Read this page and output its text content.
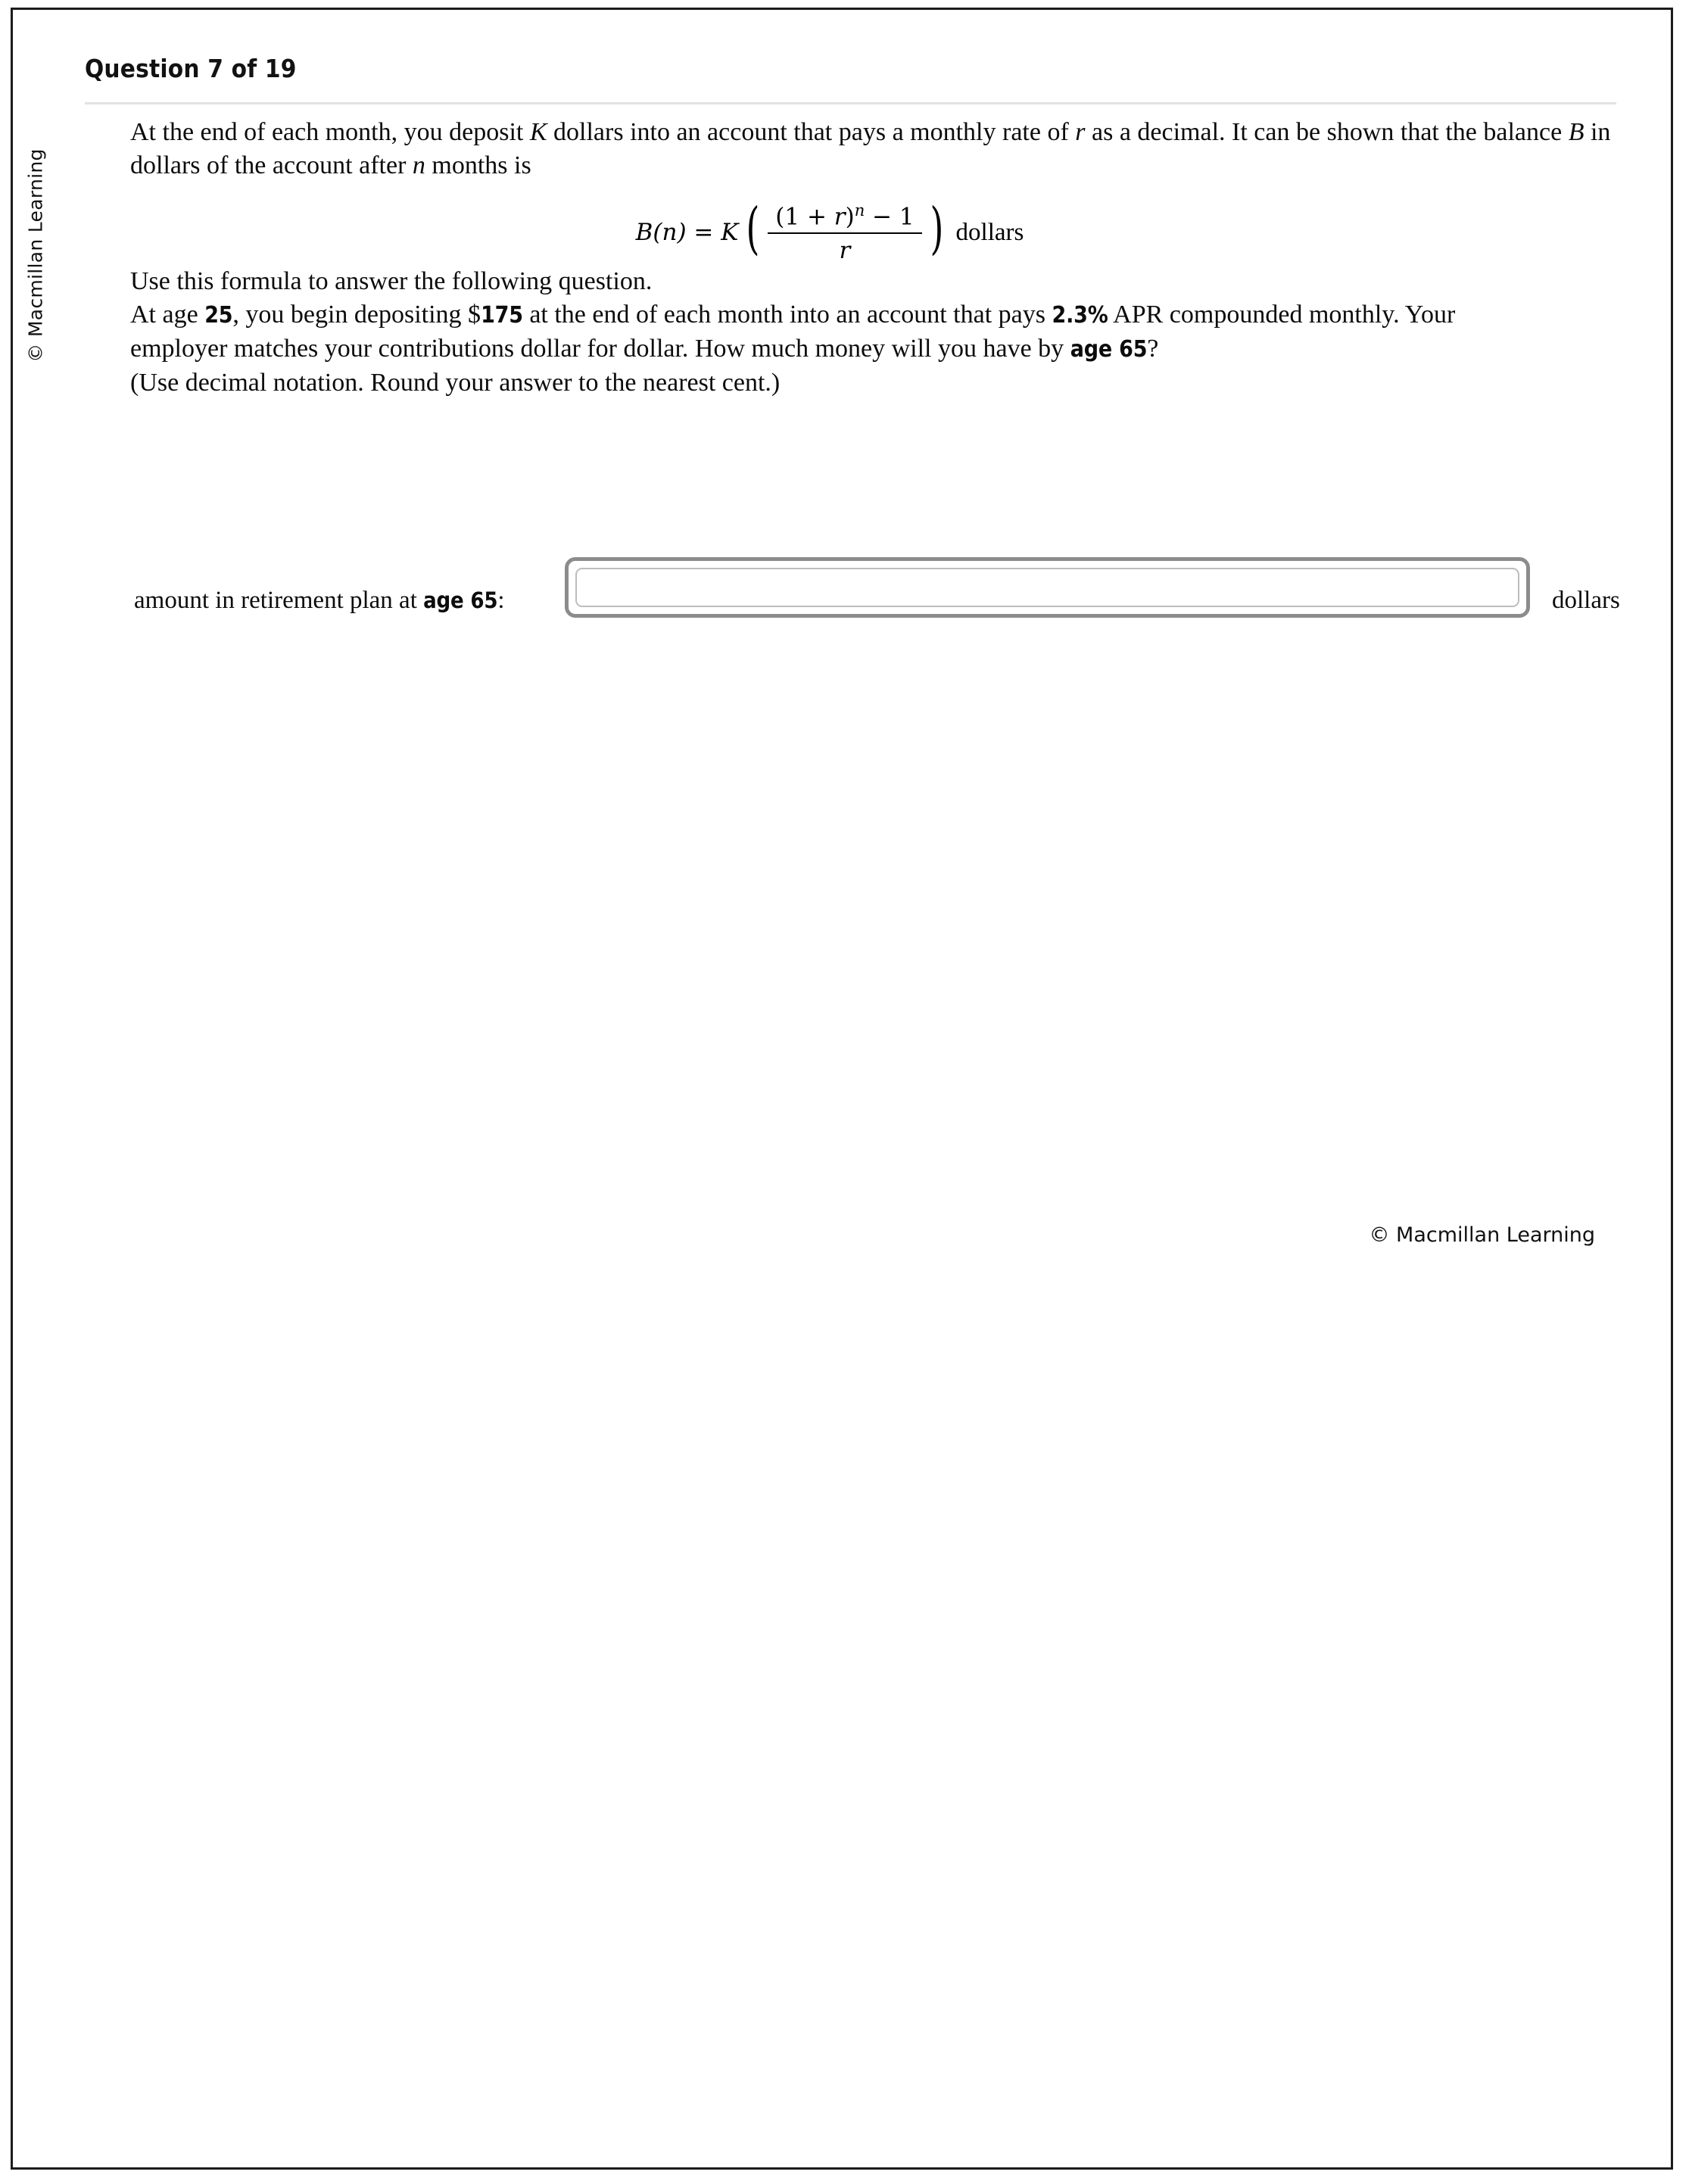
Question 7 of 19
© Macmillan Learning

At the end of each month, you deposit K dollars into an account that pays a monthly rate of r as a decimal. It can be shown that the balance B in dollars of the account after n months is

B(n) = K ( $\frac{(1 + r)^n - 1}{r}$ ) dollars

Use this formula to answer the following question.

At age 25, you begin depositing $175 at the end of each month into an account that pays 2.3% APR compounded monthly. Your employer matches your contributions dollar for dollar. How much money will you have by age 65?

(Use decimal notation. Round your answer to the nearest cent.)

amount in retirement plan at age 65:	dollars
© Macmillan Learning
